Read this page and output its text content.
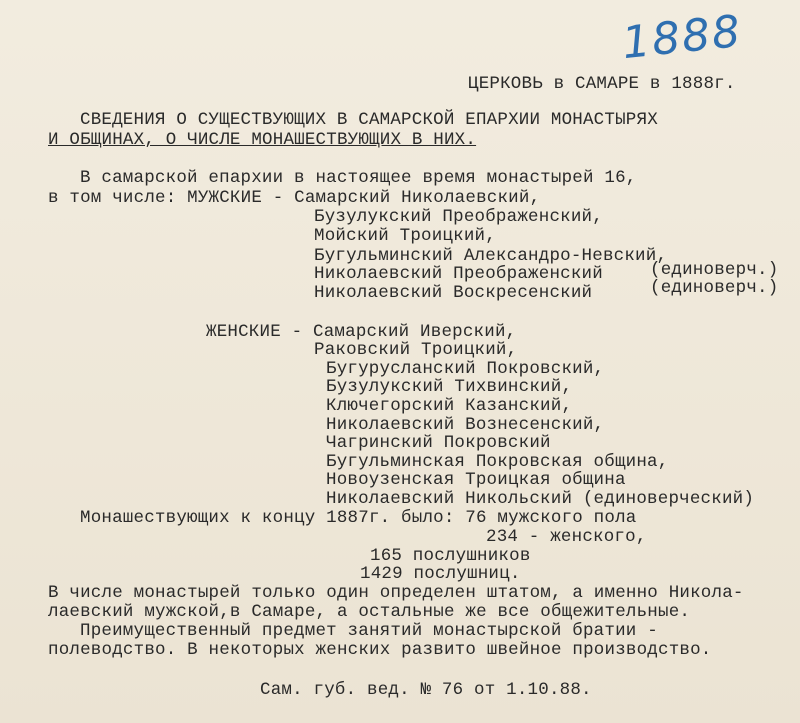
1888
ЦЕРКОВЬ в САМАРЕ в 1888г.
СВЕДЕНИЯ О СУЩЕСТВУЮЩИХ В САМАРСКОЙ ЕПАРХИИ МОНАСТЫРЯХ
И ОБЩИНАХ, О ЧИСЛЕ МОНАШЕСТВУЮЩИХ В НИХ.
В самарской епархии в настоящее время монастырей 16,
в том числе: МУЖСКИЕ - Самарский Николаевский,
Бузулукский Преображенский,
Мойский Троицкий,
Бугульминский Александро-Невский,
Николаевский Преображенский
Николаевский Воскресенский
(единоверч.)
(единоверч.)
ЖЕНСКИЕ - Самарский Иверский,
Раковский Троицкий,
Бугурусланский Покровский,
Бузулукский Тихвинский,
Ключегорский Казанский,
Николаевский Вознесенский,
Чагринский Покровский
Бугульминская Покровская община,
Новоузенская Троицкая община
Николаевский Никольский (единоверческий)
Монашествующих к концу 1887г. было: 76 мужского пола
234 - женского,
165 послушников
1429 послушниц.
В числе монастырей только один определен штатом, а именно Никола-
лаевский мужской,в Самаре, а остальные же все общежительные.
Преимущественный предмет занятий монастырской братии -
полеводство. В некоторых женских развито швейное производство.
Сам. губ. вед. № 76 от 1.10.88.
